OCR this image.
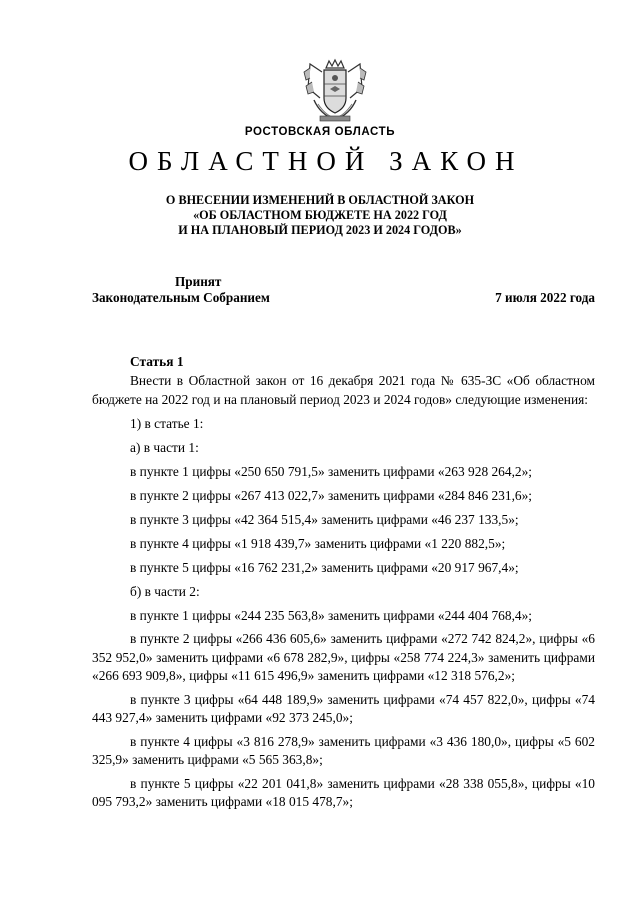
РОСТОВСКАЯ ОБЛАСТЬ
ОБЛАСТНОЙ ЗАКОН
О ВНЕСЕНИИ ИЗМЕНЕНИЙ В ОБЛАСТНОЙ ЗАКОН
«ОБ ОБЛАСТНОМ БЮДЖЕТЕ НА 2022 ГОД
И НА ПЛАНОВЫЙ ПЕРИОД 2023 И 2024 ГОДОВ»
Принят
Законодательным Собранием	7 июля 2022 года

Статья 1

Внести в Областной закон от 16 декабря 2021 года № 635-ЗС «Об областном бюджете на 2022 год и на плановый период 2023 и 2024 годов» следующие изменения:

1) в статье 1:

а) в части 1:

в пункте 1 цифры «250 650 791,5» заменить цифрами «263 928 264,2»;

в пункте 2 цифры «267 413 022,7» заменить цифрами «284 846 231,6»;

в пункте 3 цифры «42 364 515,4» заменить цифрами «46 237 133,5»;

в пункте 4 цифры «1 918 439,7» заменить цифрами «1 220 882,5»;

в пункте 5 цифры «16 762 231,2» заменить цифрами «20 917 967,4»;

б) в части 2:

в пункте 1 цифры «244 235 563,8» заменить цифрами «244 404 768,4»;

в пункте 2 цифры «266 436 605,6» заменить цифрами «272 742 824,2», цифры «6 352 952,0» заменить цифрами «6 678 282,9», цифры «258 774 224,3» заменить цифрами «266 693 909,8», цифры «11 615 496,9» заменить цифрами «12 318 576,2»;

в пункте 3 цифры «64 448 189,9» заменить цифрами «74 457 822,0», цифры «74 443 927,4» заменить цифрами «92 373 245,0»;

в пункте 4 цифры «3 816 278,9» заменить цифрами «3 436 180,0», цифры «5 602 325,9» заменить цифрами «5 565 363,8»;

в пункте 5 цифры «22 201 041,8» заменить цифрами «28 338 055,8», цифры «10 095 793,2» заменить цифрами «18 015 478,7»;
